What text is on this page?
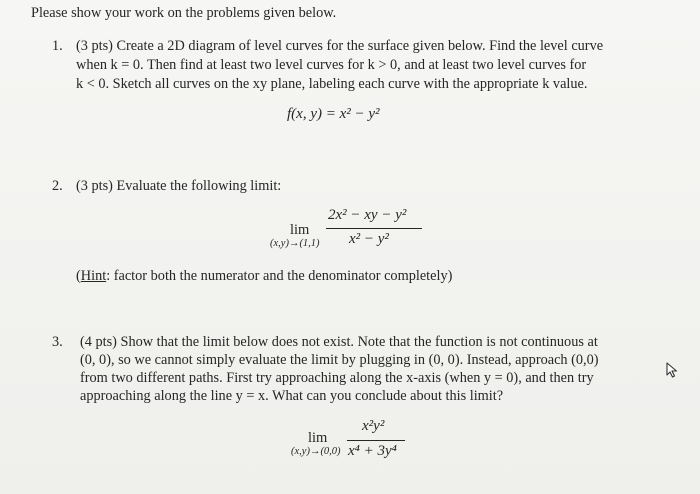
Please show your work on the problems given below.
1. (3 pts) Create a 2D diagram of level curves for the surface given below. Find the level curve
when k = 0. Then find at least two level curves for k > 0, and at least two level curves for
k < 0. Sketch all curves on the xy plane, labeling each curve with the appropriate k value.
f(x, y) = x² − y²
2. (3 pts) Evaluate the following limit:
lim
(x,y)→(1,1)
2x² − xy − y²
x² − y²
(Hint: factor both the numerator and the denominator completely)
3. (4 pts) Show that the limit below does not exist. Note that the function is not continuous at
(0, 0), so we cannot simply evaluate the limit by plugging in (0, 0). Instead, approach (0,0)
from two different paths. First try approaching along the x-axis (when y = 0), and then try
approaching along the line y = x. What can you conclude about this limit?
lim
(x,y)→(0,0)
x²y²
x⁴ + 3y⁴
